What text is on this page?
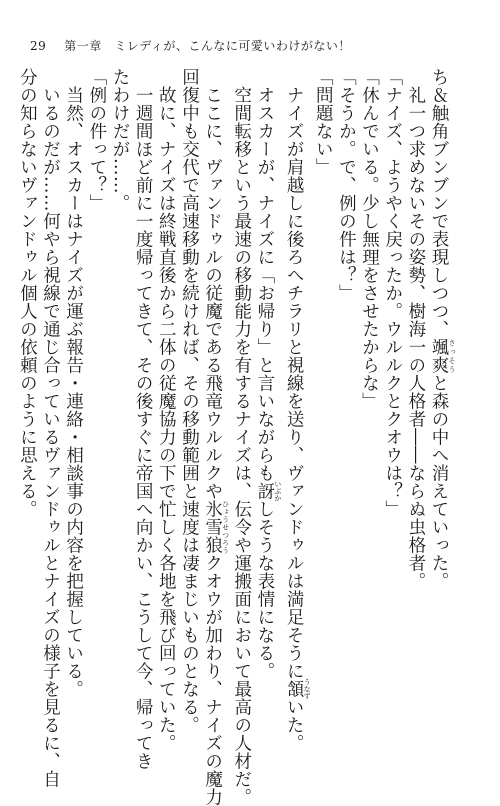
29 第一章　ミレディが、こんなに可愛いわけがない！
ち＆触角ブンブンで表現しつつ、颯爽 さっそうと森の中へ消えていった。
　礼一つ求めないその姿勢、樹海一の人格者――ならぬ虫格者。
「ナイズ、ようやく戻ったか。ウルルクとクオウは？」
「休んでいる。少し無理をさせたからな」
「そうか。で、例の件は？」
「問題ない」
　ナイズが肩越しに後ろへチラリと視線を送り、ヴァンドゥルは満足そうに頷 うなずいた。
　オスカーが、ナイズに「お帰り」と言いながらも訝 いぶかしそうな表情になる。
　空間転移という最速の移動能力を有するナイズは、伝令や運搬面において最高の人材だ。
　ここに、ヴァンドゥルの従魔である飛竜ウルルクや氷雪狼 ひょうせつろうクオウが加わり、ナイズの魔力
回復中も交代で高速移動を続ければ、その移動範囲と速度は凄まじいものとなる。
　故に、ナイズは終戦直後から二体の従魔協力の下で忙しく各地を飛び回っていた。
　一週間ほど前に一度帰ってきて、その後すぐに帝国へ向かい、こうして今、帰ってき
たわけだが……。
「例の件って？」
　当然、オスカーはナイズが運ぶ報告・連絡・相談事の内容を把握している。
　いるのだが……何やら視線で通じ合っているヴァンドゥルとナイズの様子を見るに、自
分の知らないヴァンドゥル個人の依頼のように思える。
